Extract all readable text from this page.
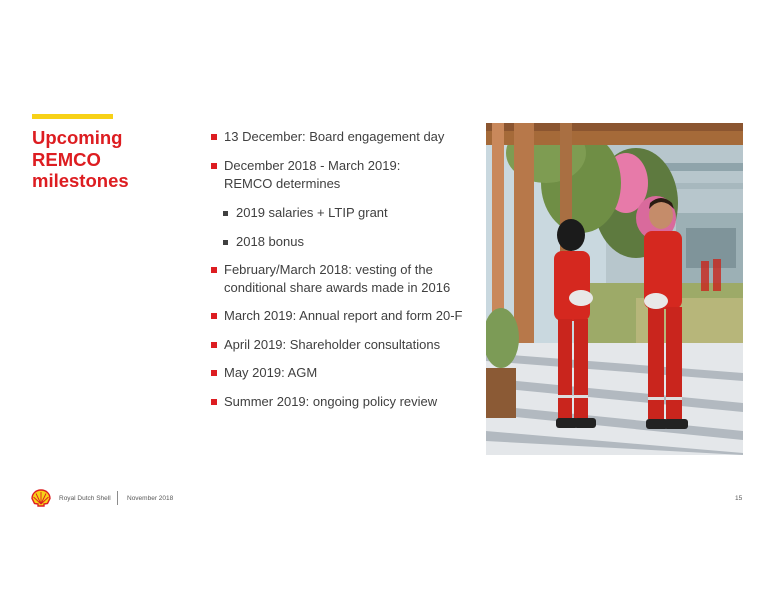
Upcoming
REMCO
milestones
13 December: Board engagement day
December 2018 - March 2019:
REMCO determines
2019 salaries + LTIP grant
2018 bonus
February/March 2018: vesting of the
conditional share awards made in 2016
March 2019: Annual report and form 20-F
April 2019: Shareholder consultations
May 2019: AGM
Summer 2019: ongoing policy review
Royal Dutch Shell	November 2018	15
